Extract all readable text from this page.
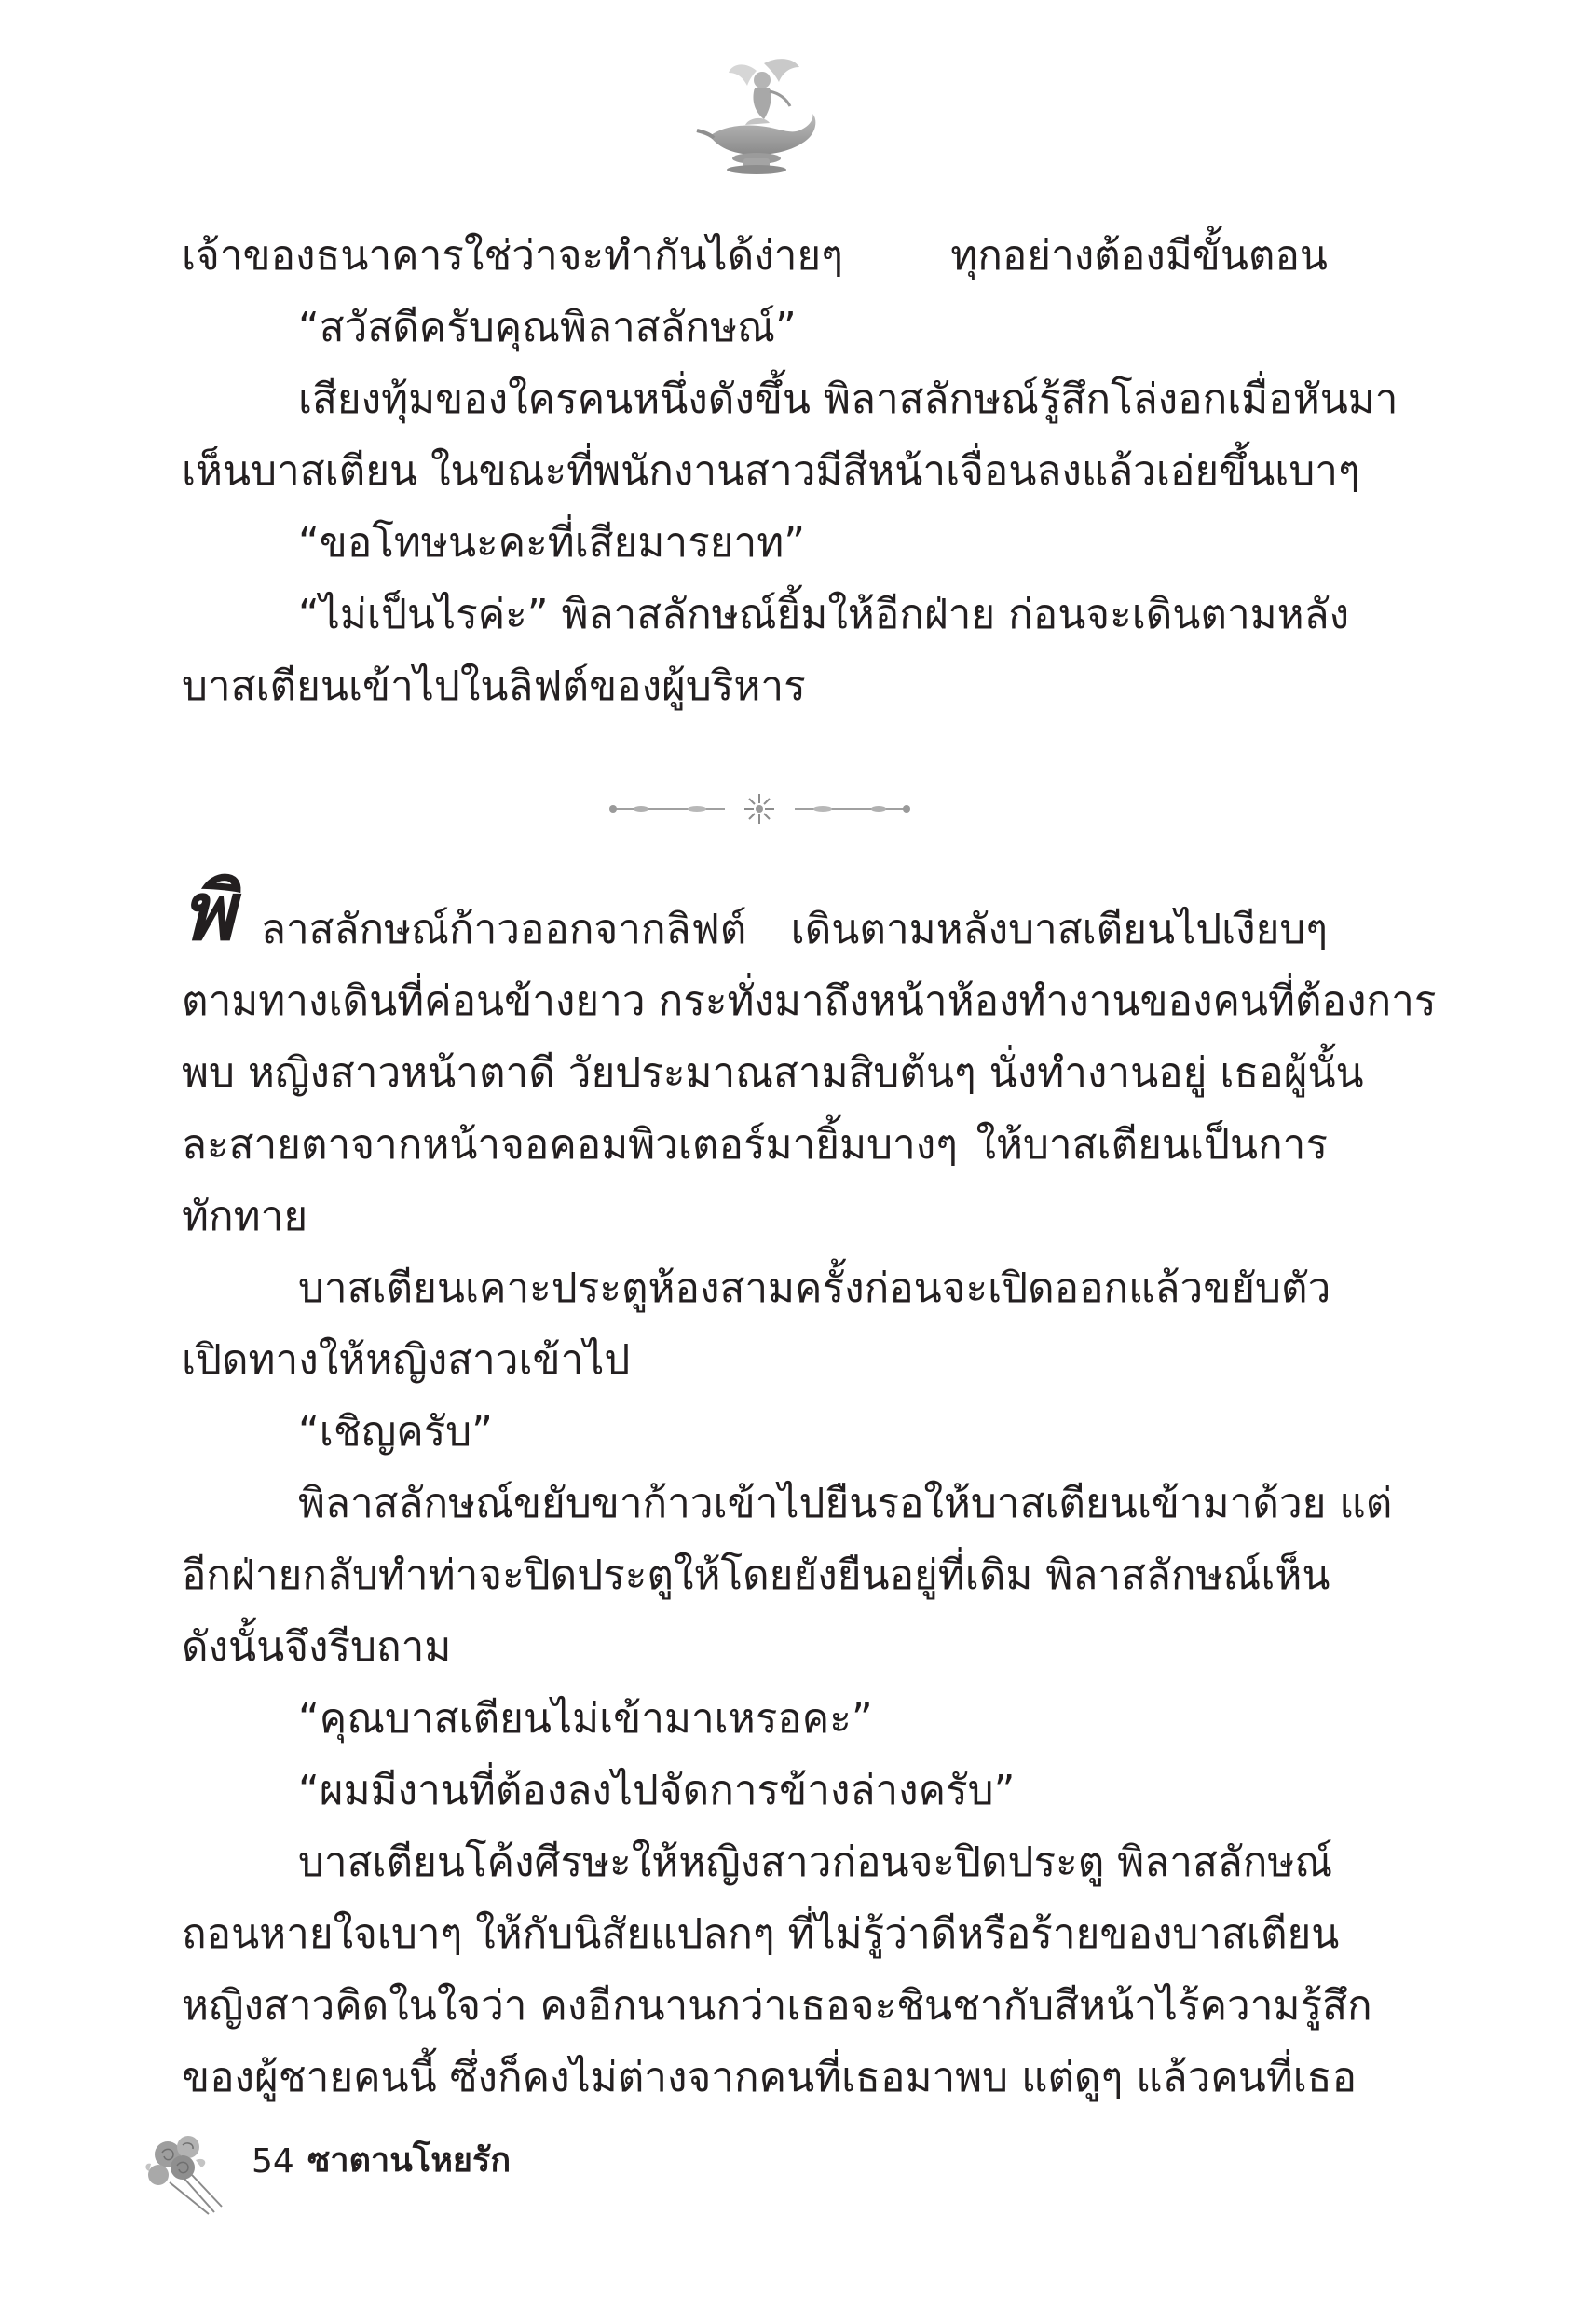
เจ้าของธนาคารใช่ว่าจะทำกันได้ง่ายๆ ทุกอย่างต้องมีขั้นตอน
“สวัสดีครับคุณพิลาสลักษณ์”
เสียงทุ้มของใครคนหนึ่งดังขึ้น พิลาสลักษณ์รู้สึกโล่งอกเมื่อหันมา
เห็นบาสเตียน ในขณะที่พนักงานสาวมีสีหน้าเจื่อนลงแล้วเอ่ยขึ้นเบาๆ
“ขอโทษนะคะที่เสียมารยาท”
“ไม่เป็นไรค่ะ” พิลาสลักษณ์ยิ้มให้อีกฝ่าย ก่อนจะเดินตามหลัง
บาสเตียนเข้าไปในลิฟต์ของผู้บริหาร
พิ ลาสลักษณ์ก้าวออกจากลิฟต์ เดินตามหลังบาสเตียนไปเงียบๆ
ตามทางเดินที่ค่อนข้างยาว กระทั่งมาถึงหน้าห้องทำงานของคนที่ต้องการ
พบ หญิงสาวหน้าตาดี วัยประมาณสามสิบต้นๆ นั่งทำงานอยู่ เธอผู้นั้น
ละสายตาจากหน้าจอคอมพิวเตอร์มายิ้มบางๆ ให้บาสเตียนเป็นการ
ทักทาย
บาสเตียนเคาะประตูห้องสามครั้งก่อนจะเปิดออกแล้วขยับตัว
เปิดทางให้หญิงสาวเข้าไป
“เชิญครับ”
พิลาสลักษณ์ขยับขาก้าวเข้าไปยืนรอให้บาสเตียนเข้ามาด้วย แต่
อีกฝ่ายกลับทำท่าจะปิดประตูให้โดยยังยืนอยู่ที่เดิม พิลาสลักษณ์เห็น
ดังนั้นจึงรีบถาม
“คุณบาสเตียนไม่เข้ามาเหรอคะ”
“ผมมีงานที่ต้องลงไปจัดการข้างล่างครับ”
บาสเตียนโค้งศีรษะให้หญิงสาวก่อนจะปิดประตู พิลาสลักษณ์
ถอนหายใจเบาๆ ให้กับนิสัยแปลกๆ ที่ไม่รู้ว่าดีหรือร้ายของบาสเตียน
หญิงสาวคิดในใจว่า คงอีกนานกว่าเธอจะชินชากับสีหน้าไร้ความรู้สึก
ของผู้ชายคนนี้ ซึ่งก็คงไม่ต่างจากคนที่เธอมาพบ แต่ดูๆ แล้วคนที่เธอ
54 ซาตานโหยรัก
